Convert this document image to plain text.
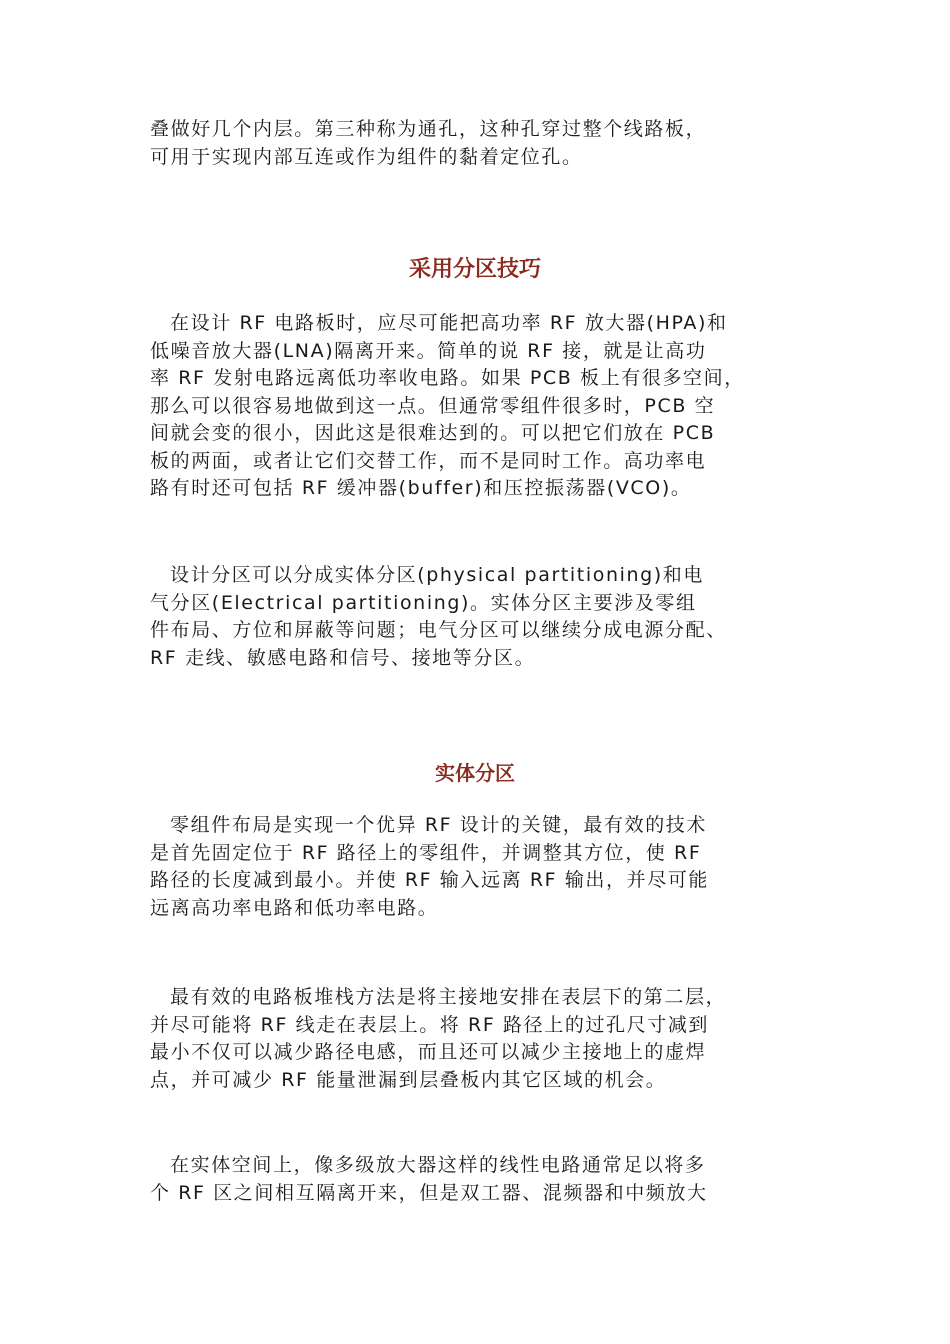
叠做好几个内层。第三种称为通孔，这种孔穿过整个线路板，
可用于实现内部互连或作为组件的黏着定位孔。

采用分区技巧

在设计 RF 电路板时，应尽可能把高功率 RF 放大器(HPA)和
低噪音放大器(LNA)隔离开来。简单的说 RF 接，就是让高功
率 RF 发射电路远离低功率收电路。如果 PCB 板上有很多空间，
那么可以很容易地做到这一点。但通常零组件很多时，PCB 空
间就会变的很小，因此这是很难达到的。可以把它们放在 PCB
板的两面，或者让它们交替工作，而不是同时工作。高功率电
路有时还可包括 RF 缓冲器(buffer)和压控振荡器(VCO)。

设计分区可以分成实体分区(physical partitioning)和电
气分区(Electrical partitioning)。实体分区主要涉及零组
件布局、方位和屏蔽等问题；电气分区可以继续分成电源分配、
RF 走线、敏感电路和信号、接地等分区。

实体分区

零组件布局是实现一个优异 RF 设计的关键，最有效的技术
是首先固定位于 RF 路径上的零组件，并调整其方位，使 RF
路径的长度减到最小。并使 RF 输入远离 RF 输出，并尽可能
远离高功率电路和低功率电路。

最有效的电路板堆栈方法是将主接地安排在表层下的第二层，
并尽可能将 RF 线走在表层上。将 RF 路径上的过孔尺寸减到
最小不仅可以减少路径电感，而且还可以减少主接地上的虚焊
点，并可减少 RF 能量泄漏到层叠板内其它区域的机会。

在实体空间上，像多级放大器这样的线性电路通常足以将多
个 RF 区之间相互隔离开来，但是双工器、混频器和中频放大
